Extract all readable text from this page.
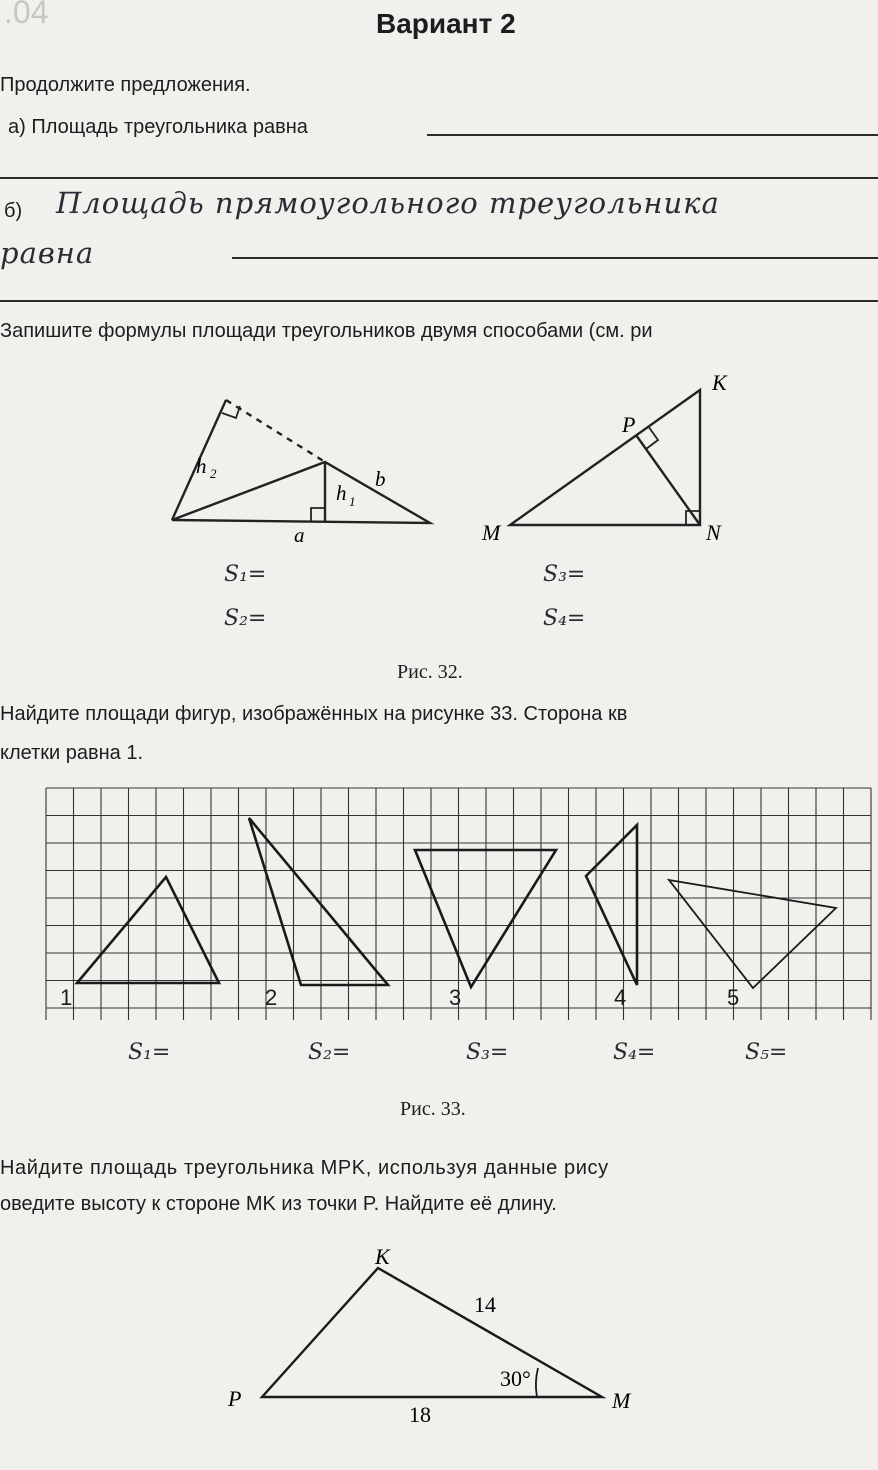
.04	Вариант 2
Продолжите предложения.
а) Площадь треугольника равна
б) Площадь прямоугольного треугольника
равна
Запишите формулы площади треугольников двумя способами (см. ри
h 2
h 1
b
a
K
P
M	N
S₁=
S₂=
S₃=
S₄=
Рис. 32.
Найдите площади фигур, изображённых на рисунке 33. Сторона кв
клетки равна 1.
1	2	3	4	5
S₁=	S₂=	S₃=	S₄=	S₅=
Рис. 33.
Найдите площадь треугольника MPK, используя данные рису
оведите высоту к стороне MK из точки P. Найдите её длину.
K
P	M
14
18
30°
